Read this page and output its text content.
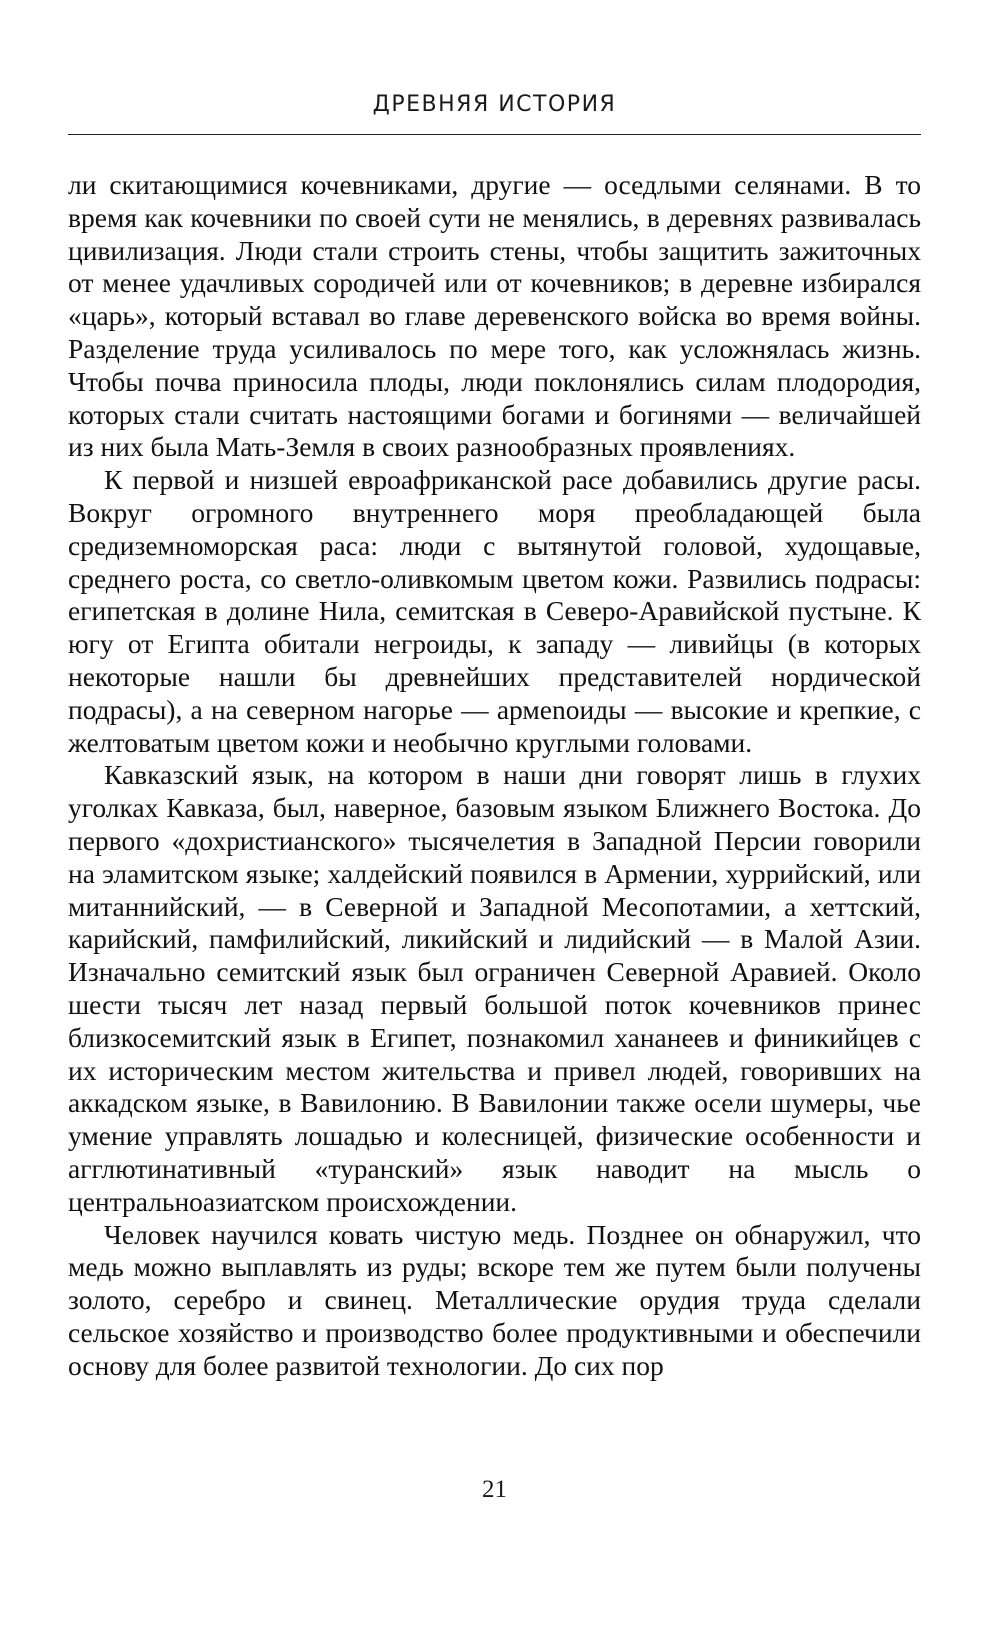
ДРЕВНЯЯ ИСТОРИЯ

ли скитающимися кочевниками, другие — оседлыми селянами. В то время как кочевники по своей сути не менялись, в деревнях развивалась цивилизация. Люди стали строить стены, чтобы защитить зажиточных от менее удачливых сородичей или от кочевников; в деревне избирался «царь», который вставал во главе деревенского войска во время войны. Разделение труда усиливалось по мере того, как усложнялась жизнь. Чтобы почва приносила плоды, люди поклонялись силам плодородия, которых стали считать настоящими богами и богинями — величайшей из них была Мать-Земля в своих разнообразных проявлениях.

К первой и низшей евроафриканской расе добавились другие расы. Вокруг огромного внутреннего моря преобладающей была средиземноморская раса: люди с вытянутой головой, худощавые, среднего роста, со светло-оливкомым цветом кожи. Развились подрасы: египетская в долине Нила, семитская в Северо-Аравийской пустыне. К югу от Египта обитали негроиды, к западу — ливийцы (в которых некоторые нашли бы древнейших представителей нордической подрасы), а на северном нагорье — армenoиды — высокие и крепкие, с желтоватым цветом кожи и необычно круглыми головами.

Кавказский язык, на котором в наши дни говорят лишь в глухих уголках Кавказа, был, наверное, базовым языком Ближнего Востока. До первого «дохристианского» тысячелетия в Западной Персии говорили на эламитском языке; халдейский появился в Армении, хуррийский, или митаннийский, — в Северной и Западной Месопотамии, а хеттский, карийский, памфилийский, ликийский и лидийский — в Малой Азии. Изначально семитский язык был ограничен Северной Аравией. Около шести тысяч лет назад первый большой поток кочевников принес близкосемитский язык в Египет, познакомил хананеев и финикийцев с их историческим местом жительства и привел людей, говоривших на аккадском языке, в Вавилонию. В Вавилонии также осели шумеры, чье умение управлять лошадью и колесницей, физические особенности и агглютинативный «туранский» язык наводит на мысль о центральноазиатском происхождении.

Человек научился ковать чистую медь. Позднее он обнаружил, что медь можно выплавлять из руды; вскоре тем же путем были получены золото, серебро и свинец. Металлические орудия труда сделали сельское хозяйство и производство более продуктивными и обеспечили основу для более развитой технологии. До сих пор

21
